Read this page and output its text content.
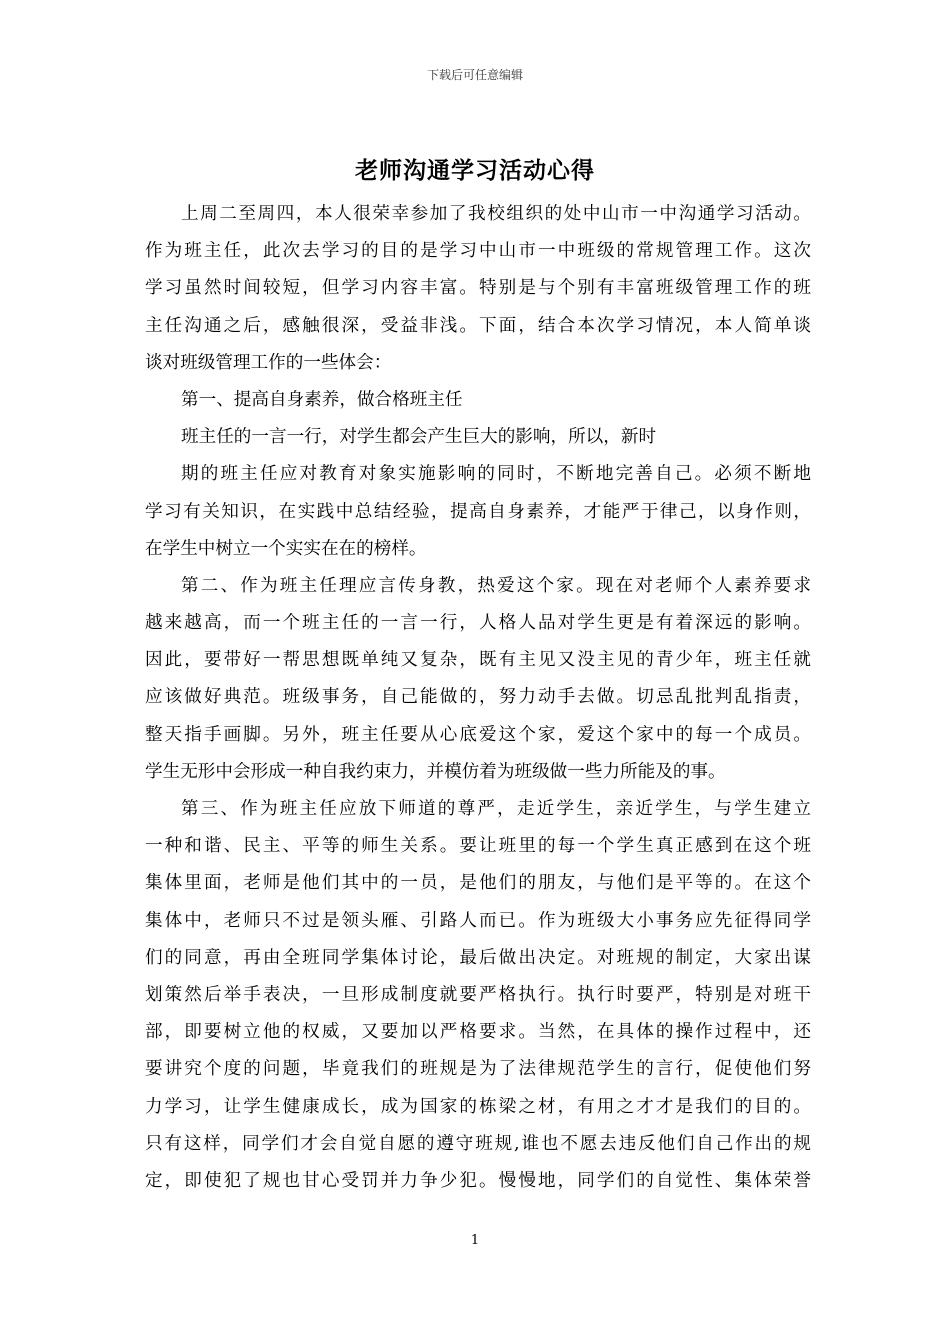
下载后可任意编辑
老师沟通学习活动心得
上周二至周四，本人很荣幸参加了我校组织的处中山市一中沟通学习活动。
作为班主任，此次去学习的目的是学习中山市一中班级的常规管理工作。这次
学习虽然时间较短，但学习内容丰富。特别是与个别有丰富班级管理工作的班
主任沟通之后，感触很深，受益非浅。下面，结合本次学习情况，本人简单谈
谈对班级管理工作的一些体会：
第一、提高自身素养，做合格班主任
班主任的一言一行，对学生都会产生巨大的影响，所以，新时
期的班主任应对教育对象实施影响的同时，不断地完善自己。必须不断地
学习有关知识，在实践中总结经验，提高自身素养，才能严于律己，以身作则，
在学生中树立一个实实在在的榜样。
第二、作为班主任理应言传身教，热爱这个家。现在对老师个人素养要求
越来越高，而一个班主任的一言一行，人格人品对学生更是有着深远的影响。
因此，要带好一帮思想既单纯又复杂，既有主见又没主见的青少年，班主任就
应该做好典范。班级事务，自己能做的，努力动手去做。切忌乱批判乱指责，
整天指手画脚。另外，班主任要从心底爱这个家，爱这个家中的每一个成员。
学生无形中会形成一种自我约束力，并模仿着为班级做一些力所能及的事。
第三、作为班主任应放下师道的尊严，走近学生，亲近学生，与学生建立
一种和谐、民主、平等的师生关系。要让班里的每一个学生真正感到在这个班
集体里面，老师是他们其中的一员，是他们的朋友，与他们是平等的。在这个
集体中，老师只不过是领头雁、引路人而已。作为班级大小事务应先征得同学
们的同意，再由全班同学集体讨论，最后做出决定。对班规的制定，大家出谋
划策然后举手表决，一旦形成制度就要严格执行。执行时要严，特别是对班干
部，即要树立他的权威，又要加以严格要求。当然，在具体的操作过程中，还
要讲究个度的问题，毕竟我们的班规是为了法律规范学生的言行，促使他们努
力学习，让学生健康成长，成为国家的栋梁之材，有用之才才是我们的目的。
只有这样，同学们才会自觉自愿的遵守班规,谁也不愿去违反他们自己作出的规
定，即使犯了规也甘心受罚并力争少犯。慢慢地，同学们的自觉性、集体荣誉
1
